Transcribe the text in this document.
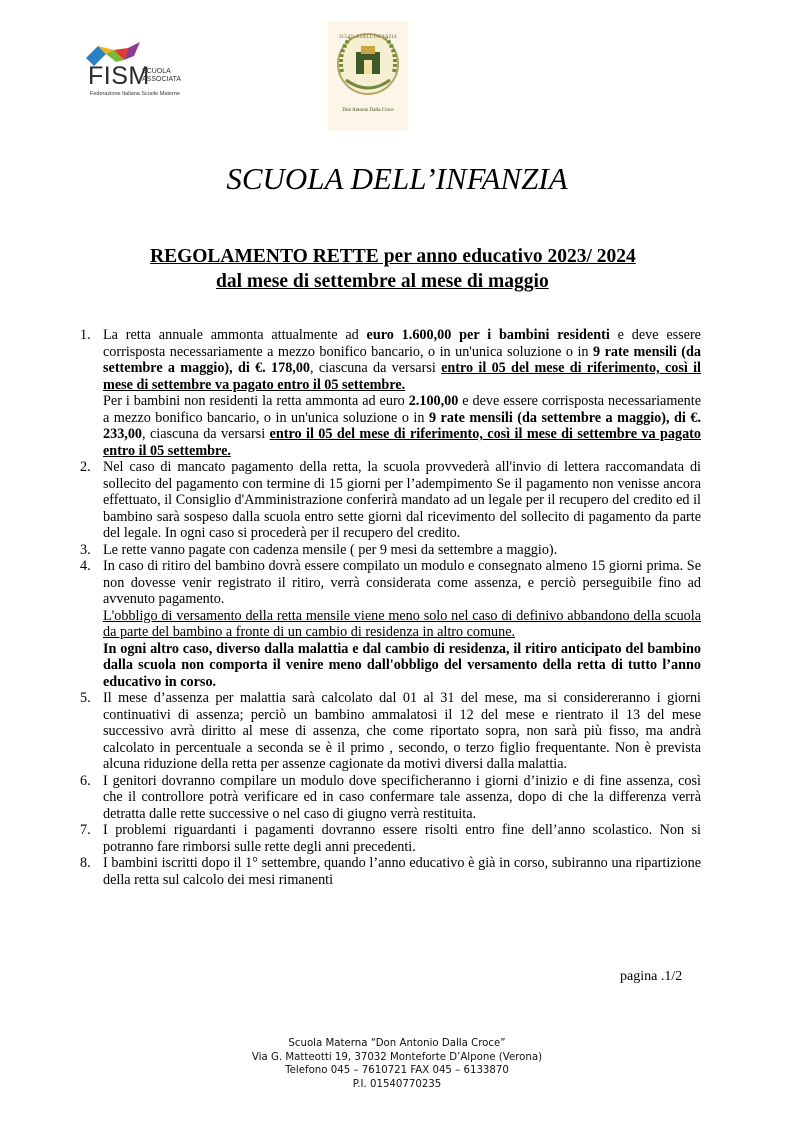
FISM
SCUOLA
ASSOCIATA
Federazione Italiana Scuole Materne
SCUOLA DELL'INFANZIA
Don Antonio Dalla Croce
SCUOLA DELL’INFANZIA
REGOLAMENTO RETTE per anno educativo 2023/ 2024
dal mese di settembre al mese di maggio
1. La retta annuale ammonta attualmente ad euro 1.600,00 per i bambini residenti e deve essere corrisposta necessariamente a mezzo bonifico bancario, o in un'unica soluzione o in 9 rate mensili (da settembre a maggio), di €. 178,00, ciascuna da versarsi entro il 05 del mese di riferimento, così il mese di settembre va pagato entro il 05 settembre.

Per i bambini non residenti la retta ammonta ad euro 2.100,00 e deve essere corrisposta necessariamente a mezzo bonifico bancario, o in un'unica soluzione o in 9 rate mensili (da settembre a maggio), di €. 233,00, ciascuna da versarsi entro il 05 del mese di riferimento, così il mese di settembre va pagato entro il 05 settembre.

2. Nel caso di mancato pagamento della retta, la scuola provvederà all'invio di lettera raccomandata di sollecito del pagamento con termine di 15 giorni per l’adempimento Se il pagamento non venisse ancora effettuato, il Consiglio d'Amministrazione conferirà mandato ad un legale per il recupero del credito ed il bambino sarà sospeso dalla scuola entro sette giorni dal ricevimento del sollecito di pagamento da parte del legale. In ogni caso si procederà per il recupero del credito.

3. Le rette vanno pagate con cadenza mensile ( per 9 mesi da settembre a maggio).

4. In caso di ritiro del bambino dovrà essere compilato un modulo e consegnato almeno 15 giorni prima. Se non dovesse venir registrato il ritiro, verrà considerata come assenza, e perciò perseguibile fino ad avvenuto pagamento.

L'obbligo di versamento della retta mensile viene meno solo nel caso di definivo abbandono della scuola da parte del bambino a fronte di un cambio di residenza in altro comune.

In ogni altro caso, diverso dalla malattia e dal cambio di residenza, il ritiro anticipato del bambino dalla scuola non comporta il venire meno dall'obbligo del versamento della retta di tutto l’anno educativo in corso.

5. Il mese d’assenza per malattia sarà calcolato dal 01 al 31 del mese, ma si considereranno i giorni continuativi di assenza; perciò un bambino ammalatosi il 12 del mese e rientrato il 13 del mese successivo avrà diritto al mese di assenza, che come riportato sopra, non sarà più fisso, ma andrà calcolato in percentuale a seconda se è il primo , secondo, o terzo figlio frequentante. Non è prevista alcuna riduzione della retta per assenze cagionate da motivi diversi dalla malattia.

6. I genitori dovranno compilare un modulo dove specificheranno i giorni d’inizio e di fine assenza, così che il controllore potrà verificare ed in caso confermare tale assenza, dopo di che la differenza verrà detratta dalle rette successive o nel caso di giugno verrà restituita.

7. I problemi riguardanti i pagamenti dovranno essere risolti entro fine dell’anno scolastico. Non si potranno fare rimborsi sulle rette degli anni precedenti.

8. I bambini iscritti dopo il 1° settembre, quando l’anno educativo è già in corso, subiranno una ripartizione della retta sul calcolo dei mesi rimanenti

pagina .1/2
Scuola Materna “Don Antonio Dalla Croce”
Via G. Matteotti 19, 37032 Monteforte D’Alpone (Verona)
Telefono 045 – 7610721 FAX 045 – 6133870
P.I. 01540770235
